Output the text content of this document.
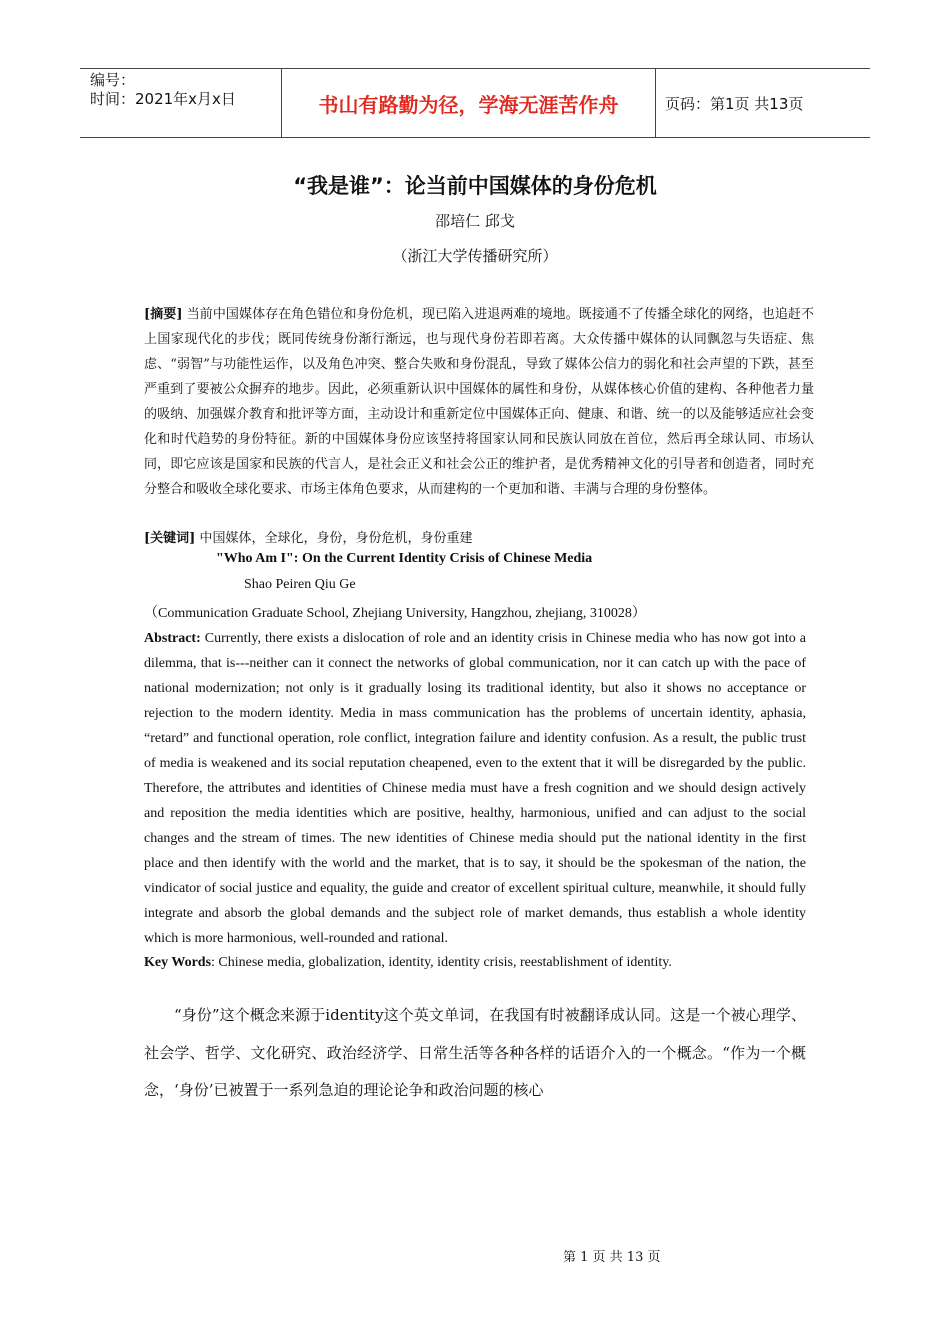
编号：
时间：2021年x月x日	书山有路勤为径，学海无涯苦作舟	页码：第1页 共13页
“我是谁”：论当前中国媒体的身份危机
邵培仁 邱戈
（浙江大学传播研究所）
[摘要] 当前中国媒体存在角色错位和身份危机，现已陷入进退两难的境地。既接通不了传播全球化的网络，也追赶不上国家现代化的步伐；既同传统身份渐行渐远，也与现代身份若即若离。大众传播中媒体的认同飘忽与失语症、焦虑、“弱智”与功能性运作，以及角色冲突、整合失败和身份混乱，导致了媒体公信力的弱化和社会声望的下跌，甚至严重到了要被公众摒弃的地步。因此，必须重新认识中国媒体的属性和身份，从媒体核心价值的建构、各种他者力量的吸纳、加强媒介教育和批评等方面，主动设计和重新定位中国媒体正向、健康、和谐、统一的以及能够适应社会变化和时代趋势的身份特征。新的中国媒体身份应该坚持将国家认同和民族认同放在首位，然后再全球认同、市场认同，即它应该是国家和民族的代言人，是社会正义和社会公正的维护者，是优秀精神文化的引导者和创造者，同时充分整合和吸收全球化要求、市场主体角色要求，从而建构的一个更加和谐、丰满与合理的身份整体。
[关键词] 中国媒体，全球化，身份，身份危机，身份重建
"Who Am I": On the Current Identity Crisis of Chinese Media
Shao Peiren Qiu Ge
（Communication Graduate School, Zhejiang University, Hangzhou, zhejiang, 310028）
Abstract: Currently, there exists a dislocation of role and an identity crisis in Chinese media who has now got into a dilemma, that is---neither can it connect the networks of global communication, nor it can catch up with the pace of national modernization; not only is it gradually losing its traditional identity, but also it shows no acceptance or rejection to the modern identity. Media in mass communication has the problems of uncertain identity, aphasia, “retard” and functional operation, role conflict, integration failure and identity confusion. As a result, the public trust of media is weakened and its social reputation cheapened, even to the extent that it will be disregarded by the public. Therefore, the attributes and identities of Chinese media must have a fresh cognition and we should design actively and reposition the media identities which are positive, healthy, harmonious, unified and can adjust to the social changes and the stream of times. The new identities of Chinese media should put the national identity in the first place and then identify with the world and the market, that is to say, it should be the spokesman of the nation, the vindicator of social justice and equality, the guide and creator of excellent spiritual culture, meanwhile, it should fully integrate and absorb the global demands and the subject role of market demands, thus establish a whole identity which is more harmonious, well-rounded and rational.
Key Words: Chinese media, globalization, identity, identity crisis, reestablishment of identity.
“身份”这个概念来源于identity这个英文单词，在我国有时被翻译成认同。这是一个被心理学、社会学、哲学、文化研究、政治经济学、日常生活等各种各样的话语介入的一个概念。“作为一个概念，‘身份’已被置于一系列急迫的理论论争和政治问题的核心
第 1 页 共 13 页
